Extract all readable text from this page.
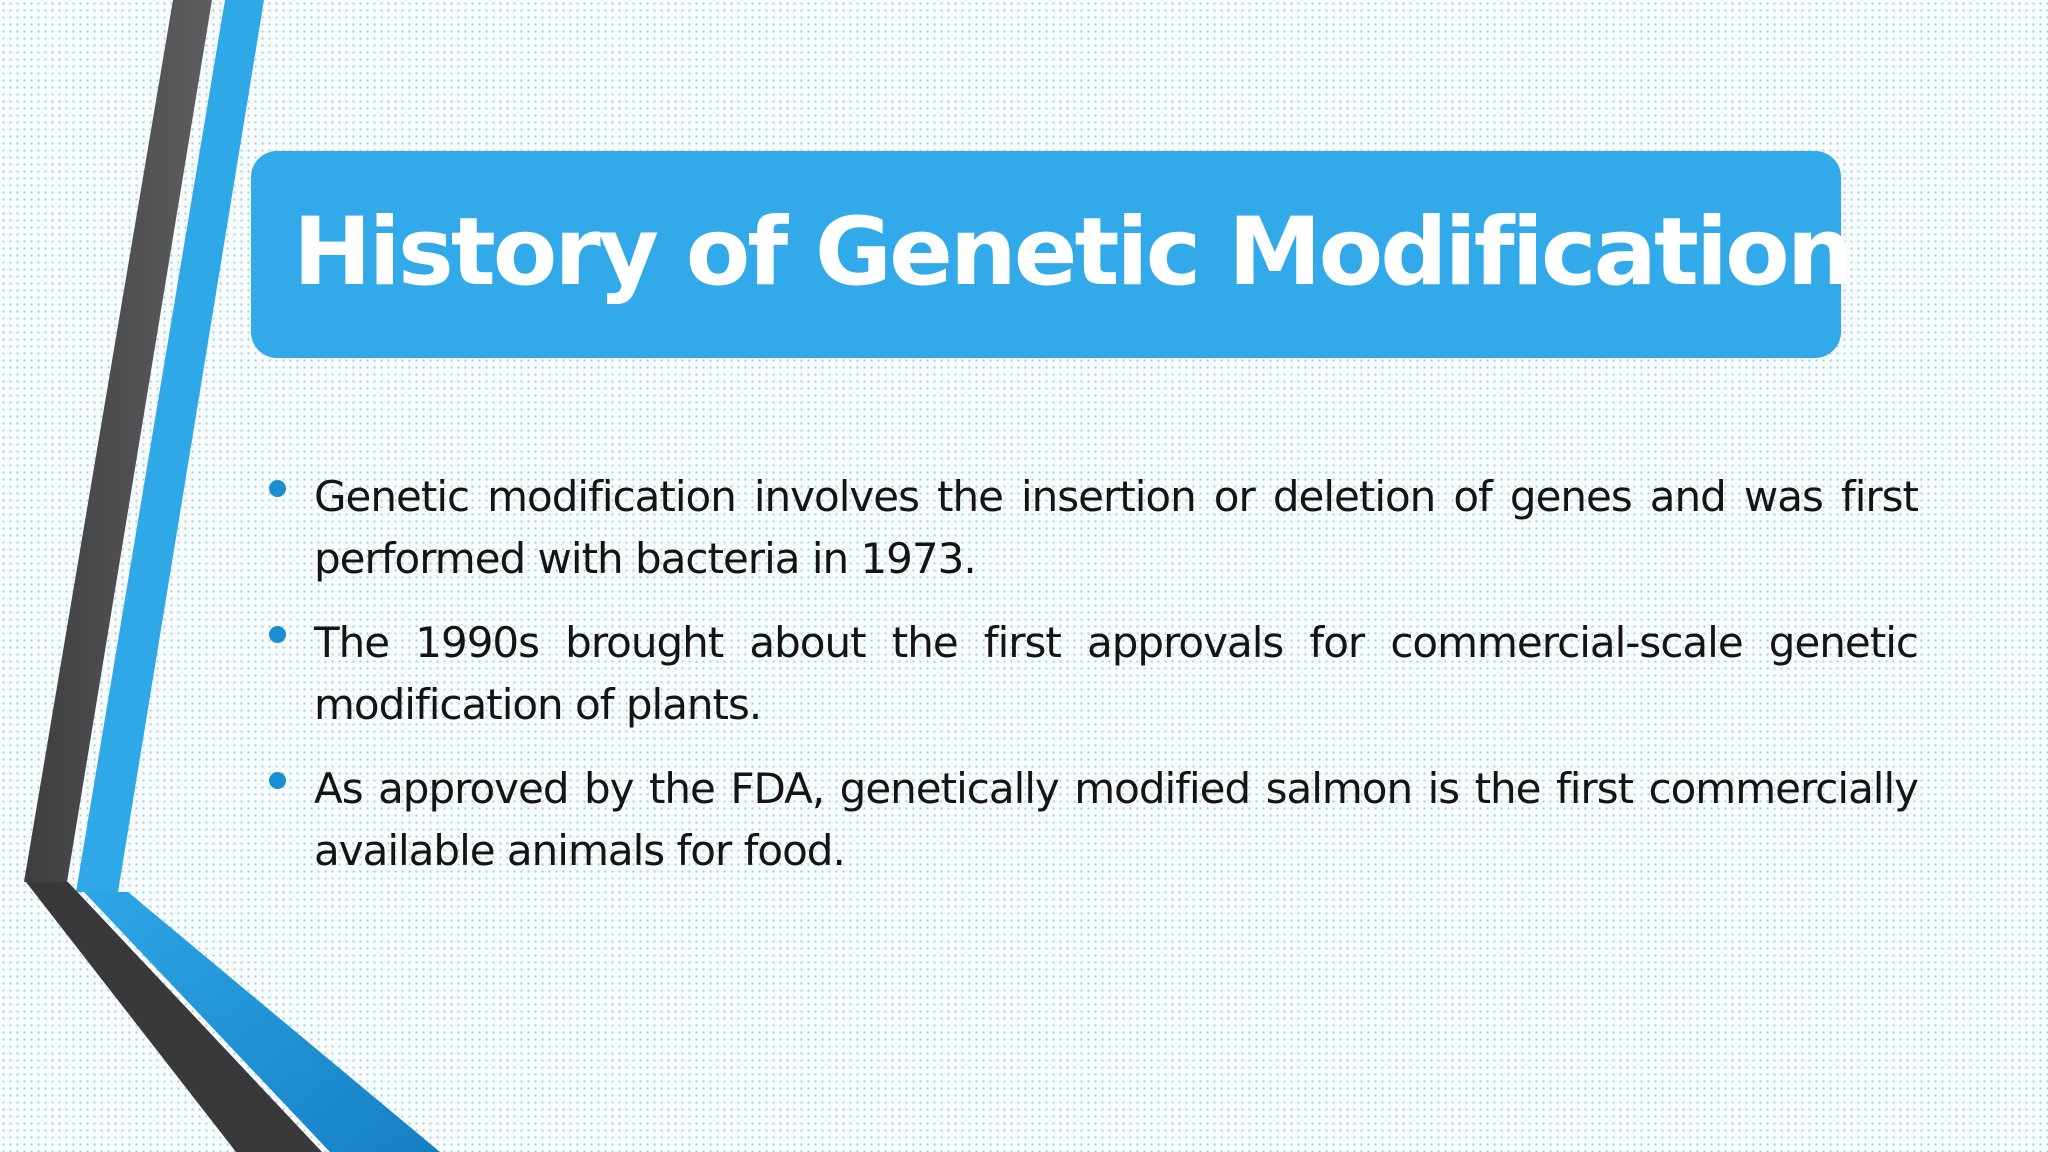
History of Genetic Modification
Genetic modification involves the insertion or deletion of genes and was first performed with bacteria in 1973.
The 1990s brought about the first approvals for commercial-scale genetic modification of plants.
As approved by the FDA, genetically modified salmon is the first commercially available animals for food.
